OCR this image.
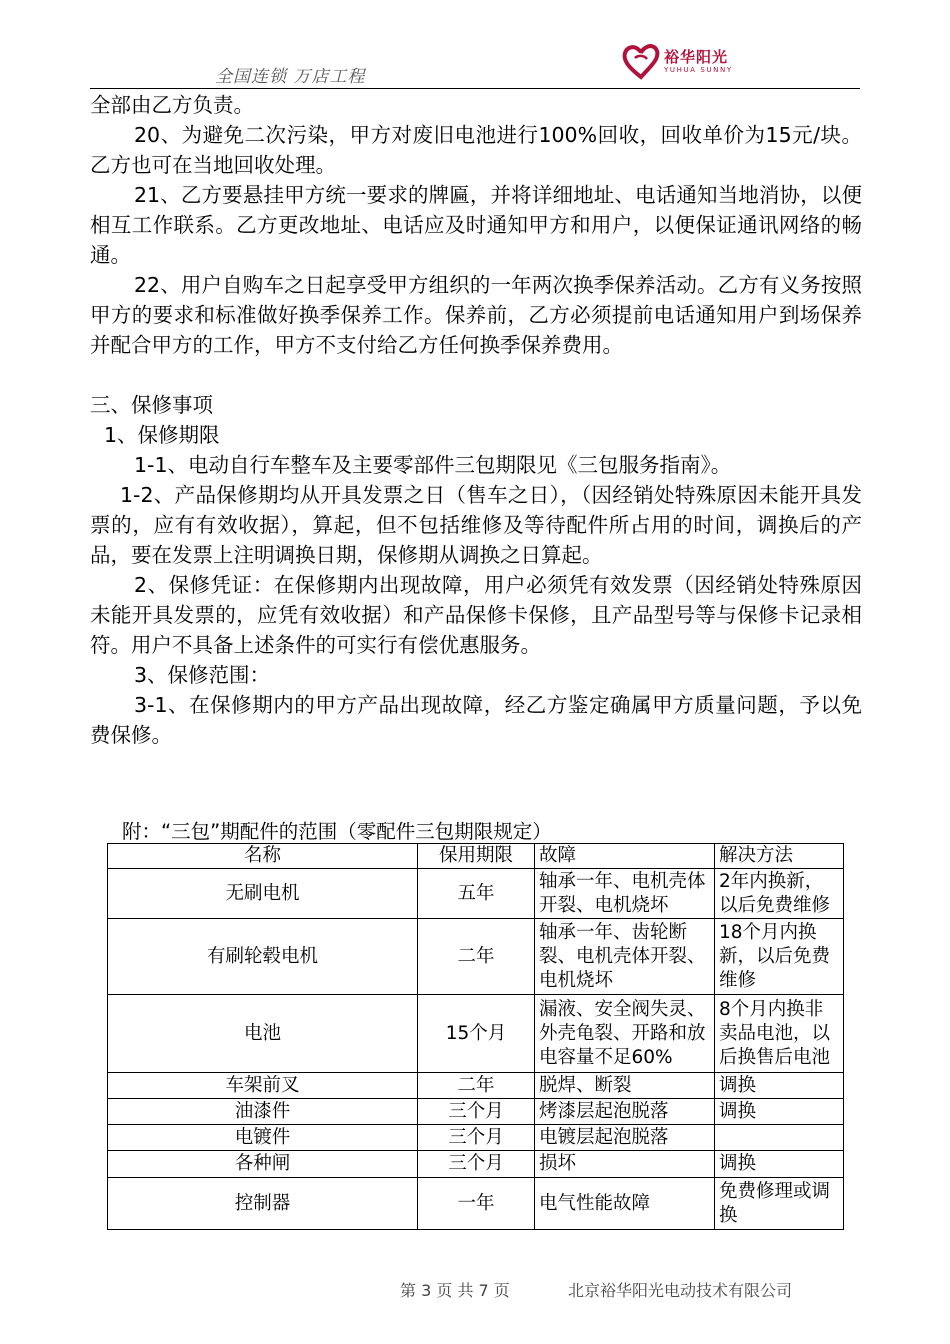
全国连锁 万店工程
裕华阳光
YUHUA SUNNY

全部由乙方负责。

20、为避免二次污染，甲方对废旧电池进行100%回收，回收单价为15元/块。乙方也可在当地回收处理。

21、乙方要悬挂甲方统一要求的牌匾，并将详细地址、电话通知当地消协，以便相互工作联系。乙方更改地址、电话应及时通知甲方和用户，以便保证通讯网络的畅通。

22、用户自购车之日起享受甲方组织的一年两次换季保养活动。乙方有义务按照甲方的要求和标准做好换季保养工作。保养前，乙方必须提前电话通知用户到场保养并配合甲方的工作，甲方不支付给乙方任何换季保养费用。

三、保修事项

1、保修期限

1-1、电动自行车整车及主要零部件三包期限见《三包服务指南》。

1-2、产品保修期均从开具发票之日（售车之日），（因经销处特殊原因未能开具发票的，应有有效收据），算起，但不包括维修及等待配件所占用的时间，调换后的产品，要在发票上注明调换日期，保修期从调换之日算起。

2、保修凭证：在保修期内出现故障，用户必须凭有效发票（因经销处特殊原因未能开具发票的，应凭有效收据）和产品保修卡保修，且产品型号等与保修卡记录相符。用户不具备上述条件的可实行有偿优惠服务。

3、保修范围：

3-1、在保修期内的甲方产品出现故障，经乙方鉴定确属甲方质量问题，予以免费保修。

附：“三包”期配件的范围（零配件三包期限规定）
名称	保用期限	故障	解决方法
无刷电机	五年	轴承一年、电机壳体开裂、电机烧坏	2年内换新，以后免费维修
有刷轮毂电机	二年	轴承一年、齿轮断裂、电机壳体开裂、电机烧坏	18个月内换新，以后免费维修
电池	15个月	漏液、安全阀失灵、外壳龟裂、开路和放电容量不足60%	8个月内换非卖品电池，以后换售后电池
车架前叉	二年	脱焊、断裂	调换
油漆件	三个月	烤漆层起泡脱落	调换
电镀件	三个月	电镀层起泡脱落	
各种闸	三个月	损坏	调换
控制器	一年	电气性能故障	免费修理或调换
第 3 页 共 7 页	北京裕华阳光电动技术有限公司
